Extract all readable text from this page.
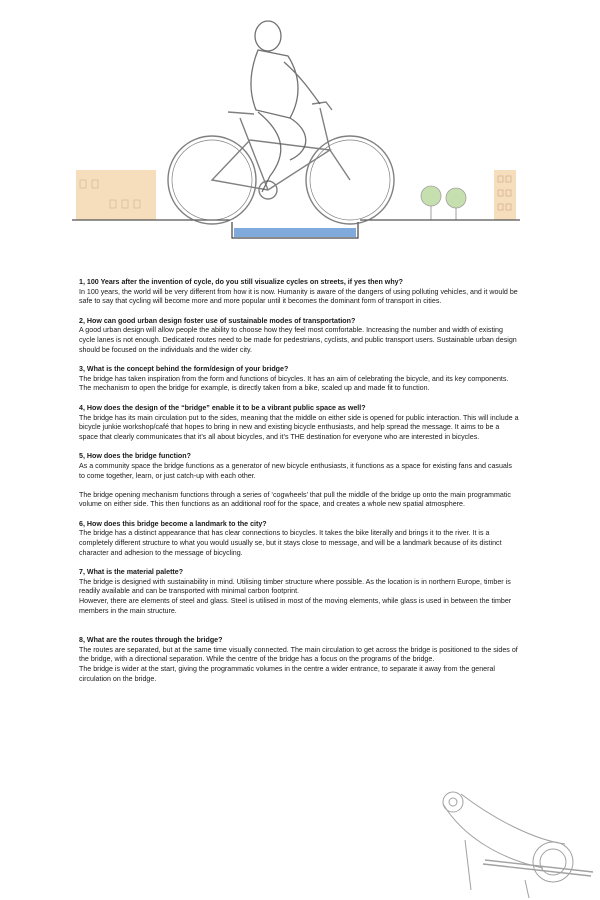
1, 100 Years after the invention of cycle, do you still visualize cycles on streets, if yes then why?

In 100 years, the world will be very different from how it is now. Humanity is aware of the dangers of using polluting vehicles, and it would be safe to say that cycling will become more and more popular until it becomes the dominant form of transport in cities.

2, How can good urban design foster use of sustainable modes of transportation?

A good urban design will allow people the ability to choose how they feel most comfortable. Increasing the number and width of existing cycle lanes is not enough. Dedicated routes need to be made for pedestrians, cyclists, and public transport users. Sustainable urban design should be focused on the individuals and the wider city.

3, What is the concept behind the form/design of your bridge?

The bridge has taken inspiration from the form and functions of bicycles. It has an aim of celebrating the bicycle, and its key components. The mechanism to open the bridge for example, is directly taken from a bike, scaled up and made fit to function.

4, How does the design of the “bridge” enable it to be a vibrant public space as well?

The bridge has its main circulation put to the sides, meaning that the middle on either side is opened for public interaction. This will include a bicycle junkie workshop/café that hopes to bring in new and existing bicycle enthusiasts, and help spread the message. It aims to be a space that clearly communicates that it’s all about bicycles, and it’s THE destination for everyone who are interested in bicycles.

5, How does the bridge function?

As a community space the bridge functions as a generator of new bicycle enthusiasts, it functions as a space for existing fans and casuals to come together, learn, or just catch-up with each other.

The bridge opening mechanism functions through a series of ‘cogwheels’ that pull the middle of the bridge up onto the main programmatic volume on either side. This then functions as an additional roof for the space, and creates a whole new spatial atmosphere.

6, How does this bridge become a landmark to the city?

The bridge has a distinct appearance that has clear connections to bicycles. It takes the bike literally and brings it to the river. It is a completely different structure to what you would usually se, but it stays close to message, and will be a landmark because of its distinct character and adhesion to the message of bicycling.

7, What is the material palette?

The bridge is designed with sustainability in mind. Utilising timber structure where possible. As the location is in northern Europe, timber is readily available and can be transported with minimal carbon footprint.

However, there are elements of steel and glass. Steel is utilised in most of the moving elements, while glass is used in between the timber members in the main structure.

8, What are the routes through the bridge?

The routes are separated, but at the same time visually connected. The main circulation to get across the bridge is positioned to the sides of the bridge, with a directional separation. While the centre of the bridge has a focus on the programs of the bridge.

The bridge is wider at the start, giving the programmatic volumes in the centre a wider entrance, to separate it away from the general circulation on the bridge.
